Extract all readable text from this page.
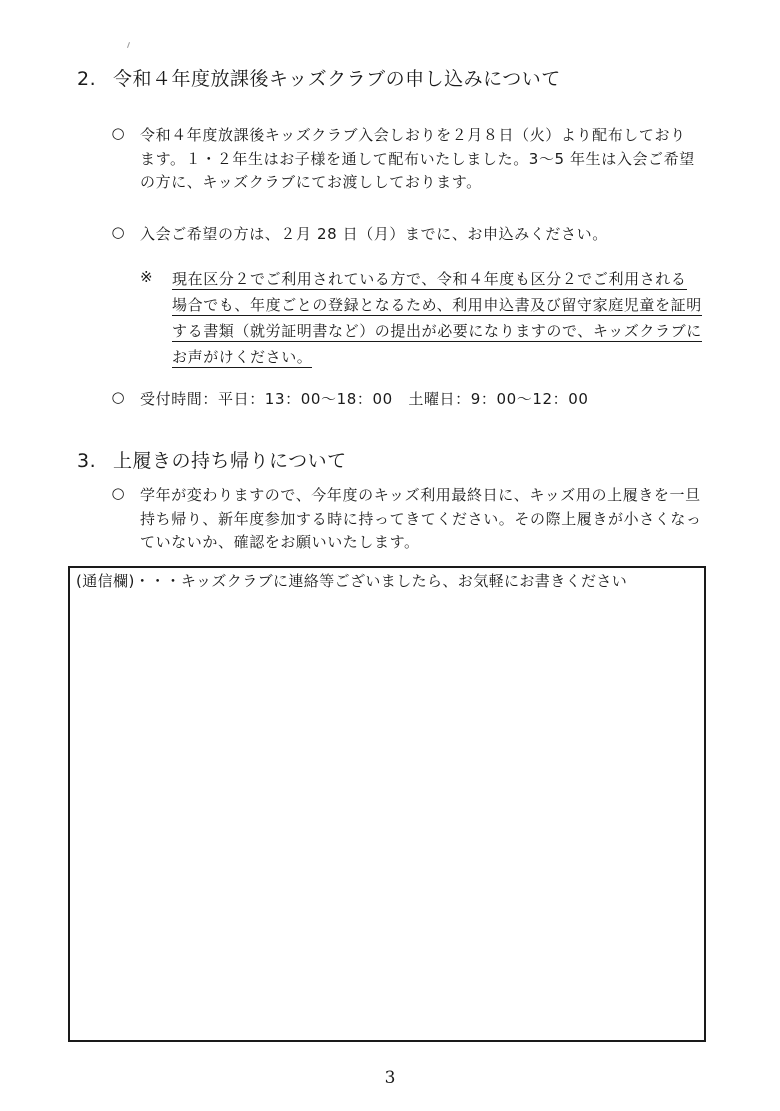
2. 令和４年度放課後キッズクラブの申し込みについて
○ 令和４年度放課後キッズクラブ入会しおりを２月８日（火）より配布しており
ます。１・２年生はお子様を通して配布いたしました。3～5 年生は入会ご希望
の方に、キッズクラブにてお渡ししております。
○ 入会ご希望の方は、２月 28 日（月）までに、お申込みください。
※ 現在区分２でご利用されている方で、令和４年度も区分２でご利用される
場合でも、年度ごとの登録となるため、利用申込書及び留守家庭児童を証明
する書類（就労証明書など）の提出が必要になりますので、キッズクラブに
お声がけください。
○ 受付時間：平日：13：00～18：00　土曜日：9：00～12：00
3. 上履きの持ち帰りについて
○ 学年が変わりますので、今年度のキッズ利用最終日に、キッズ用の上履きを一旦
持ち帰り、新年度参加する時に持ってきてください。その際上履きが小さくなっ
ていないか、確認をお願いいたします。
(通信欄)・・・キッズクラブに連絡等ございましたら、お気軽にお書きください
3
